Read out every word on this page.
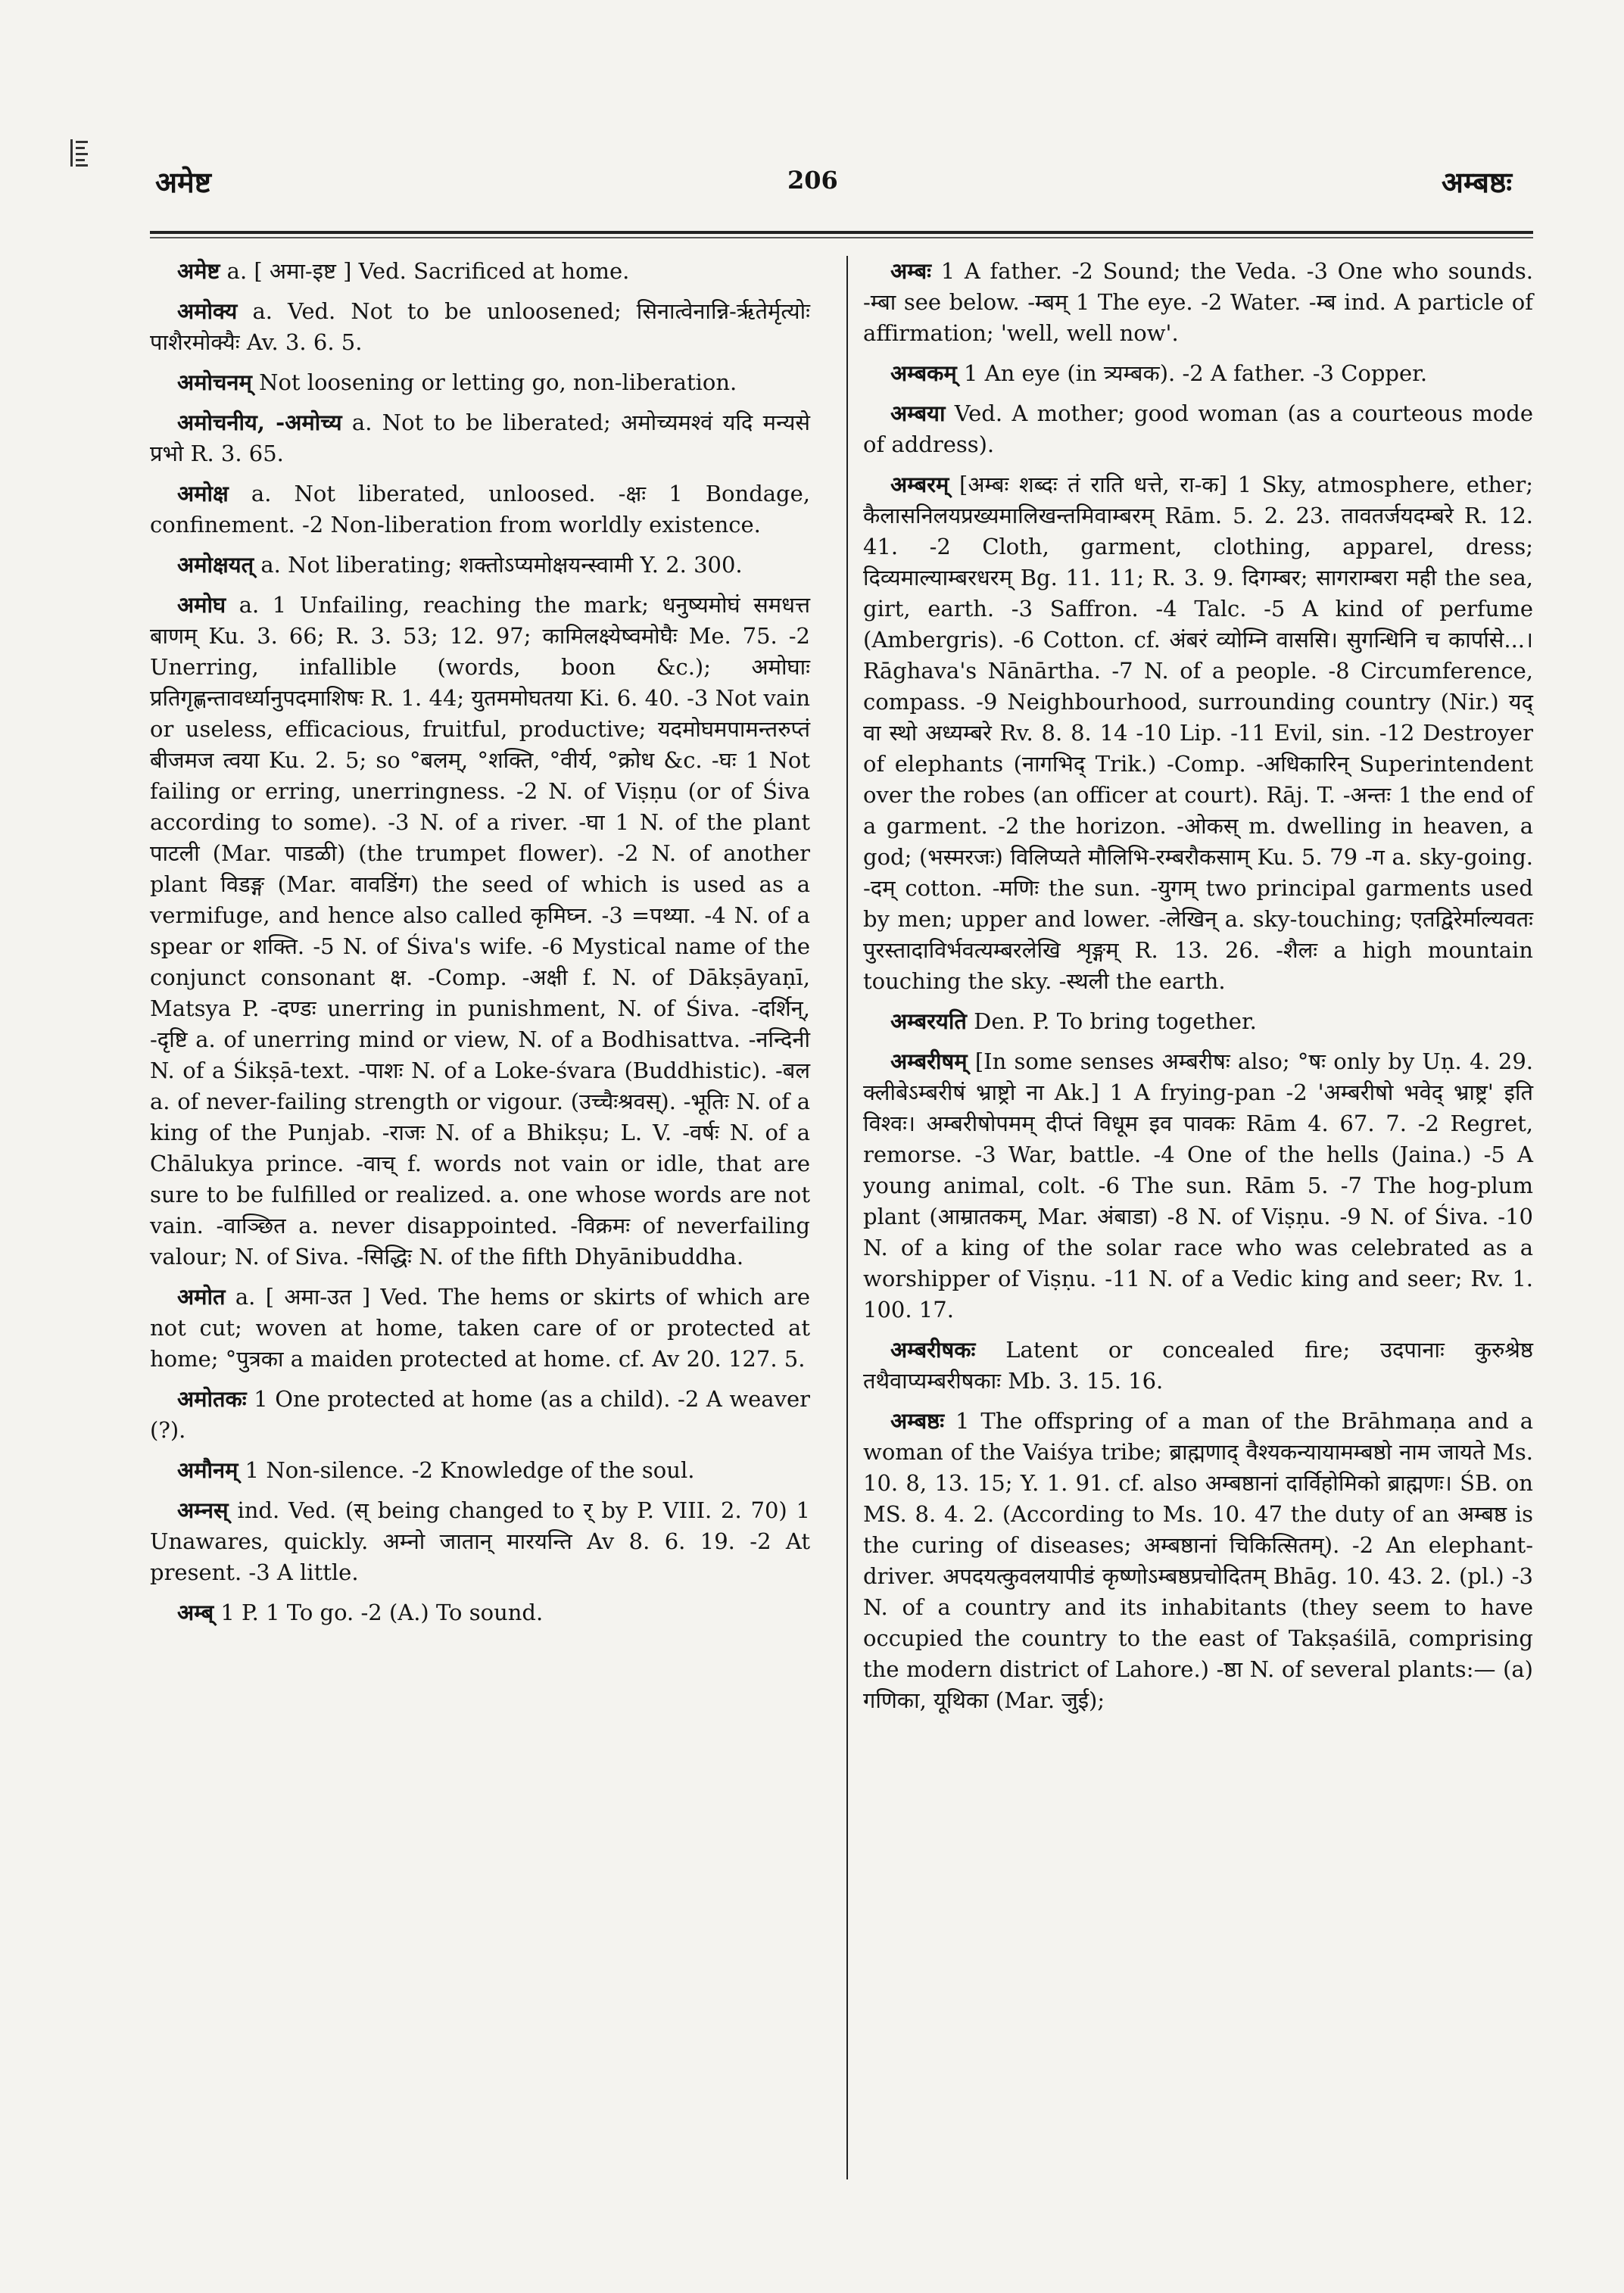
अमेष्ट	206	अम्बष्ठः

अमेष्ट a. [ अमा-इष्ट ] Ved. Sacrificed at home.

अमोक्य a. Ved. Not to be unloosened; सिनात्वेनान्नि-र्ऋतेर्मृत्योः पाशैरमोक्यैः Av. 3. 6. 5.

अमोचनम् Not loosening or letting go, non-liberation.

अमोचनीय, -अमोच्य a. Not to be liberated; अमोच्यमश्वं यदि मन्यसे प्रभो R. 3. 65.

अमोक्ष a. Not liberated, unloosed. -क्षः 1 Bondage, confinement. -2 Non-liberation from worldly existence.

अमोक्षयत् a. Not liberating; शक्तोऽप्यमोक्षयन्स्वामी Y. 2. 300.

अमोघ a. 1 Unfailing, reaching the mark; धनुष्यमोघं समधत्त बाणम् Ku. 3. 66; R. 3. 53; 12. 97; कामिलक्ष्येष्वमोघैः Me. 75. -2 Unerring, infallible (words, boon &c.); अमोघाः प्रतिगृह्णन्तावर्ध्यानुपदमाशिषः R. 1. 44; युतममोघतया Ki. 6. 40. -3 Not vain or useless, efficacious, fruitful, productive; यदमोघमपामन्तरुप्तं बीजमज त्वया Ku. 2. 5; so °बलम्, °शक्ति, °वीर्य, °क्रोध &c. -घः 1 Not failing or erring, unerringness. -2 N. of Viṣṇu (or of Śiva according to some). -3 N. of a river. -घा 1 N. of the plant पाटली (Mar. पाडळी) (the trumpet flower). -2 N. of another plant विडङ्ग (Mar. वावडिंग) the seed of which is used as a vermifuge, and hence also called कृमिघ्न. -3 =पथ्या. -4 N. of a spear or शक्ति. -5 N. of Śiva's wife. -6 Mystical name of the conjunct consonant क्ष. -Comp. -अक्षी f. N. of Dākṣāyaṇī, Matsya P. -दण्डः unerring in punishment, N. of Śiva. -दर्शिन्, -दृष्टि a. of unerring mind or view, N. of a Bodhisattva. -नन्दिनी N. of a Śikṣā-text. -पाशः N. of a Loke-śvara (Buddhistic). -बल a. of never-failing strength or vigour. (उच्चैःश्रवस्). -भूतिः N. of a king of the Punjab. -राजः N. of a Bhikṣu; L. V. -वर्षः N. of a Chālukya prince. -वाच् f. words not vain or idle, that are sure to be fulfilled or realized. a. one whose words are not vain. -वाञ्छित a. never disappointed. -विक्रमः of neverfailing valour; N. of Siva. -सिद्धिः N. of the fifth Dhyānibuddha.

अमोत a. [ अमा-उत ] Ved. The hems or skirts of which are not cut; woven at home, taken care of or protected at home; °पुत्रका a maiden protected at home. cf. Av 20. 127. 5.

अमोतकः 1 One protected at home (as a child). -2 A weaver (?).

अमौनम् 1 Non-silence. -2 Knowledge of the soul.

अम्नस् ind. Ved. (स् being changed to र् by P. VIII. 2. 70) 1 Unawares, quickly. अम्नो जातान् मारयन्ति Av 8. 6. 19. -2 At present. -3 A little.

अम्ब् 1 P. 1 To go. -2 (A.) To sound.

अम्बः 1 A father. -2 Sound; the Veda. -3 One who sounds. -म्बा see below. -म्बम् 1 The eye. -2 Water. -म्ब ind. A particle of affirmation; 'well, well now'.

अम्बकम् 1 An eye (in त्र्यम्बक). -2 A father. -3 Copper.

अम्बया Ved. A mother; good woman (as a courteous mode of address).

अम्बरम् [अम्बः शब्दः तं राति धत्ते, रा-क] 1 Sky, atmosphere, ether; कैलासनिलयप्रख्यमालिखन्तमिवाम्बरम् Rām. 5. 2. 23. तावतर्जयदम्बरे R. 12. 41. -2 Cloth, garment, clothing, apparel, dress; दिव्यमाल्याम्बरधरम् Bg. 11. 11; R. 3. 9. दिगम्बर; सागराम्बरा मही the sea, girt, earth. -3 Saffron. -4 Talc. -5 A kind of perfume (Ambergris). -6 Cotton. cf. अंबरं व्योम्नि वाससि। सुगन्धिनि च कार्पासे...। Rāghava's Nānārtha. -7 N. of a people. -8 Circumference, compass. -9 Neighbourhood, surrounding country (Nir.) यद् वा स्थो अध्यम्बरे Rv. 8. 8. 14 -10 Lip. -11 Evil, sin. -12 Destroyer of elephants (नागभिद् Trik.) -Comp. -अधिकारिन् Superintendent over the robes (an officer at court). Rāj. T. -अन्तः 1 the end of a garment. -2 the horizon. -ओकस् m. dwelling in heaven, a god; (भस्मरजः) विलिप्यते मौलिभि-रम्बरौकसाम् Ku. 5. 79 -ग a. sky-going. -दम् cotton. -मणिः the sun. -युगम् two principal garments used by men; upper and lower. -लेखिन् a. sky-touching; एतद्विरेर्माल्यवतः पुरस्तादाविर्भवत्यम्बरलेखि शृङ्गम् R. 13. 26. -शैलः a high mountain touching the sky. -स्थली the earth.

अम्बरयति Den. P. To bring together.

अम्बरीषम् [In some senses अम्बरीषः also; °षः only by Uṇ. 4. 29. क्लीबेऽम्बरीषं भ्राष्ट्रो ना Ak.] 1 A frying-pan -2 'अम्बरीषो भवेद् भ्राष्ट्र' इति विश्वः। अम्बरीषोपमम् दीप्तं विधूम इव पावकः Rām 4. 67. 7. -2 Regret, remorse. -3 War, battle. -4 One of the hells (Jaina.) -5 A young animal, colt. -6 The sun. Rām 5. -7 The hog-plum plant (आम्रातकम्, Mar. अंबाडा) -8 N. of Viṣṇu. -9 N. of Śiva. -10 N. of a king of the solar race who was celebrated as a worshipper of Viṣṇu. -11 N. of a Vedic king and seer; Rv. 1. 100. 17.

अम्बरीषकः Latent or concealed fire; उदपानाः कुरुश्रेष्ठ तथैवाप्यम्बरीषकाः Mb. 3. 15. 16.

अम्बष्ठः 1 The offspring of a man of the Brāhmaṇa and a woman of the Vaiśya tribe; ब्राह्मणाद् वैश्यकन्यायामम्बष्ठो नाम जायते Ms. 10. 8, 13. 15; Y. 1. 91. cf. also अम्बष्ठानां दार्विहोमिको ब्राह्मणः। ŚB. on MS. 8. 4. 2. (According to Ms. 10. 47 the duty of an अम्बष्ठ is the curing of diseases; अम्बष्ठानां चिकित्सितम्). -2 An elephant-driver. अपदयत्कुवलयापीडं कृष्णोऽम्बष्ठप्रचोदितम् Bhāg. 10. 43. 2. (pl.) -3 N. of a country and its inhabitants (they seem to have occupied the country to the east of Takṣaśilā, comprising the modern district of Lahore.) -ष्ठा N. of several plants:— (a) गणिका, यूथिका (Mar. जुई);
